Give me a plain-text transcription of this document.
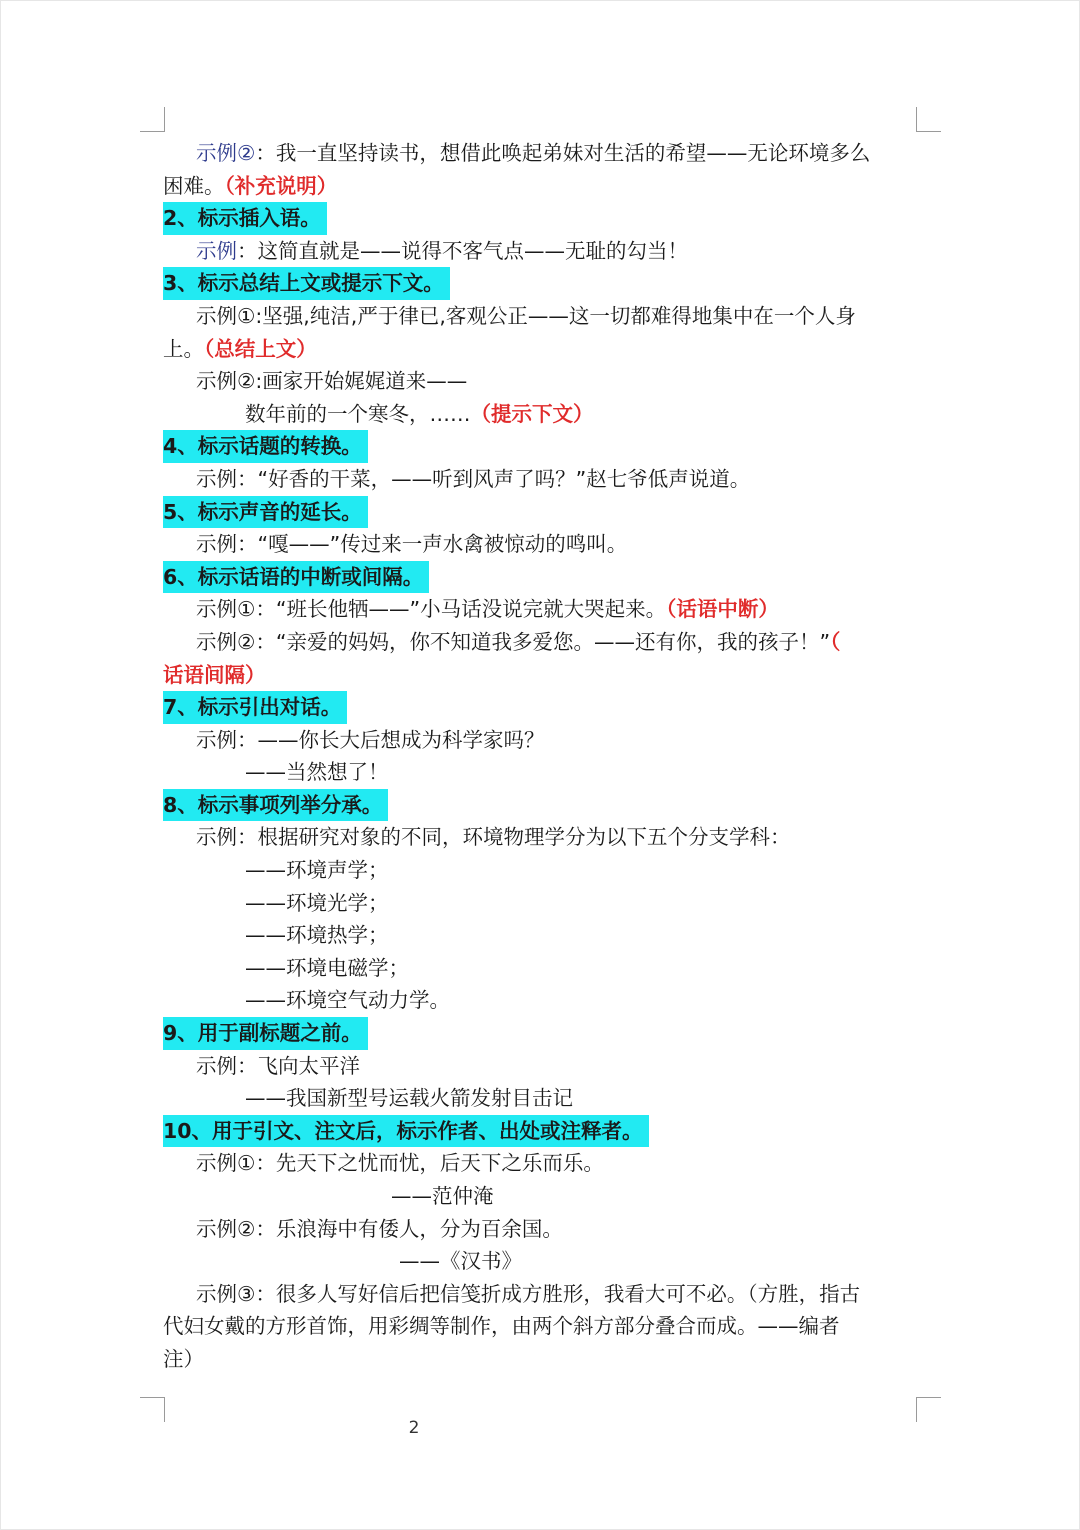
示例②：我一直坚持读书，想借此唤起弟妹对生活的希望——无论环境多么

困难。（补充说明）

2、标示插入语。

示例：这简直就是——说得不客气点——无耻的勾当！

3、标示总结上文或提示下文。

示例①:坚强,纯洁,严于律已,客观公正——这一切都难得地集中在一个人身

上。（总结上文）

示例②:画家开始娓娓道来——

数年前的一个寒冬，……（提示下文）

4、标示话题的转换。

示例：“好香的干菜，——听到风声了吗？”赵七爷低声说道。

5、标示声音的延长。

示例：“嘎——”传过来一声水禽被惊动的鸣叫。

6、标示话语的中断或间隔。

示例①：“班长他牺——”小马话没说完就大哭起来。（话语中断）

示例②：“亲爱的妈妈，你不知道我多爱您。——还有你，我的孩子！”（

话语间隔）

7、标示引出对话。

示例：——你长大后想成为科学家吗？

——当然想了！

8、标示事项列举分承。

示例：根据研究对象的不同，环境物理学分为以下五个分支学科：

——环境声学；

——环境光学；

——环境热学；

——环境电磁学；

——环境空气动力学。

9、用于副标题之前。

示例：飞向太平洋

——我国新型号运载火箭发射目击记

10、用于引文、注文后，标示作者、出处或注释者。

示例①：先天下之忧而忧，后天下之乐而乐。

——范仲淹

示例②：乐浪海中有倭人，分为百余国。

——《汉书》

示例③：很多人写好信后把信笺折成方胜形，我看大可不必。（方胜，指古

代妇女戴的方形首饰，用彩绸等制作，由两个斜方部分叠合而成。——编者

注）

2
